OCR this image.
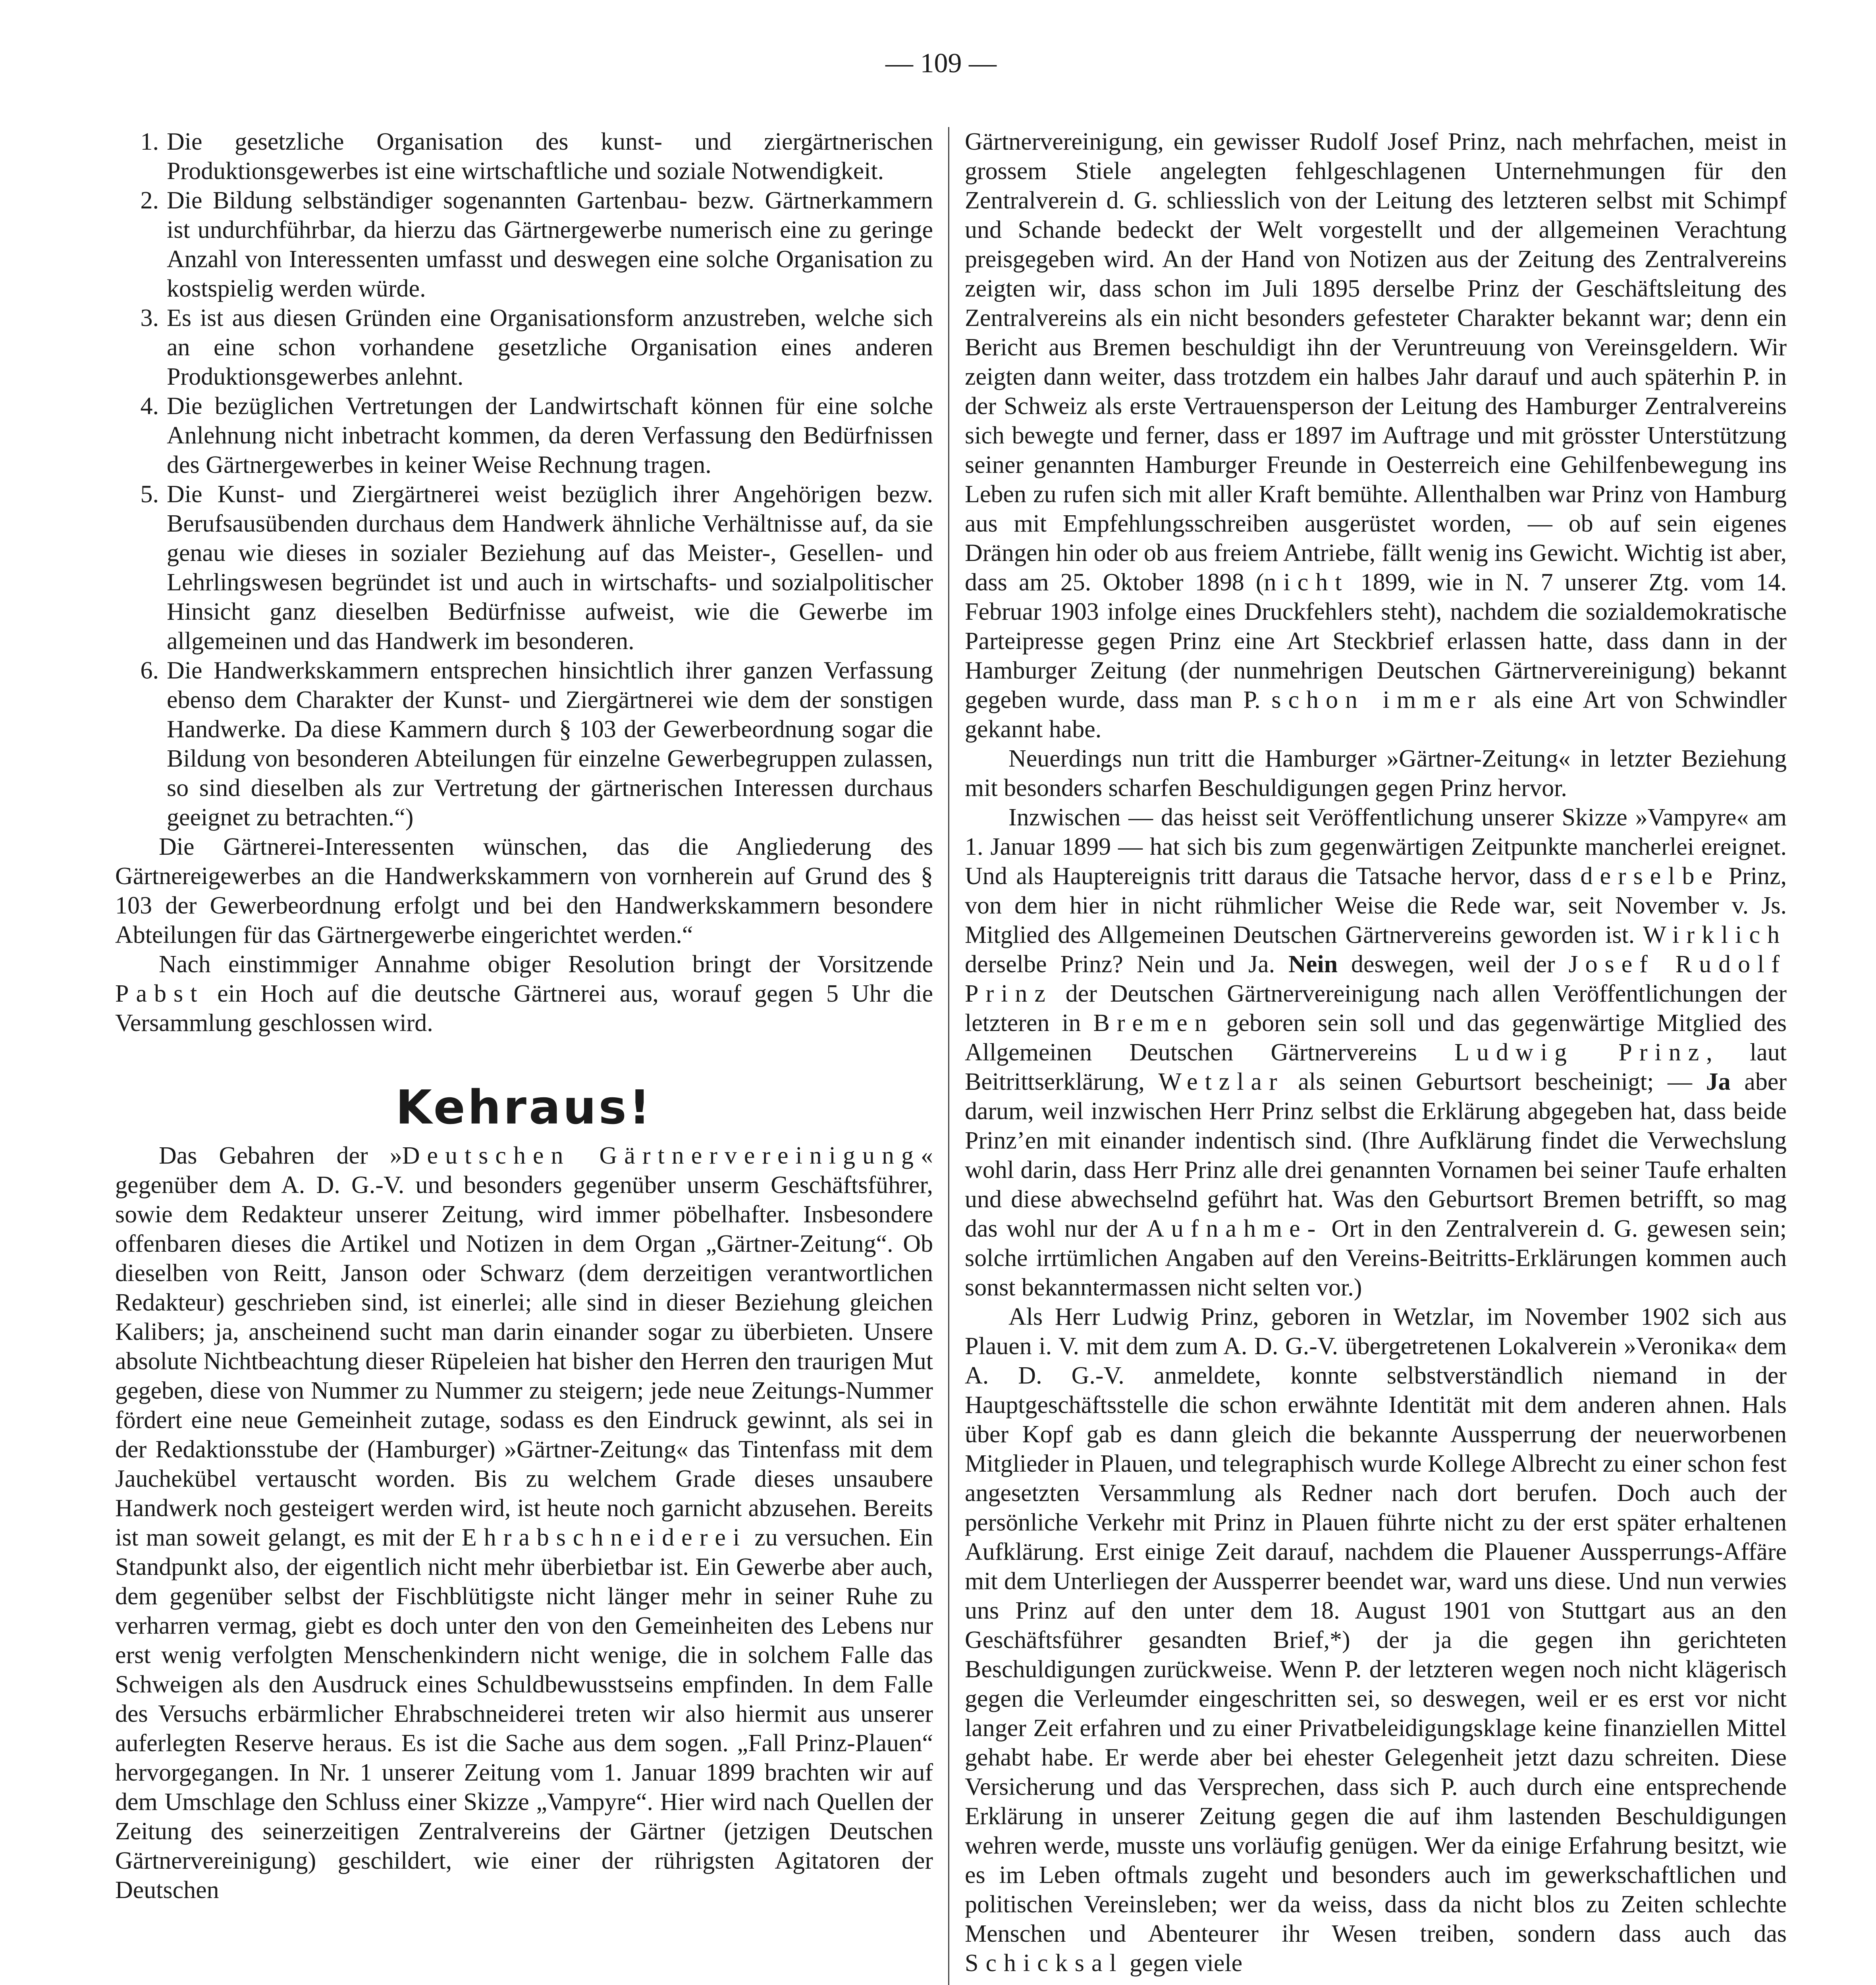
— 109 —
1. Die gesetzliche Organisation des kunst- und ziergärtnerischen Produktionsgewerbes ist eine wirtschaftliche und soziale Notwendigkeit.
2. Die Bildung selbständiger sogenannten Gartenbau- bezw. Gärtnerkammern ist undurchführbar, da hierzu das Gärtnergewerbe numerisch eine zu geringe Anzahl von Interessenten umfasst und deswegen eine solche Organisation zu kostspielig werden würde.
3. Es ist aus diesen Gründen eine Organisationsform anzustreben, welche sich an eine schon vorhandene gesetzliche Organisation eines anderen Produktionsgewerbes anlehnt.
4. Die bezüglichen Vertretungen der Landwirtschaft können für eine solche Anlehnung nicht inbetracht kommen, da deren Verfassung den Bedürfnissen des Gärtnergewerbes in keiner Weise Rechnung tragen.
5. Die Kunst- und Ziergärtnerei weist bezüglich ihrer Angehörigen bezw. Berufsausübenden durchaus dem Handwerk ähnliche Verhältnisse auf, da sie genau wie dieses in sozialer Beziehung auf das Meister-, Gesellen- und Lehrlingswesen begründet ist und auch in wirtschafts- und sozialpolitischer Hinsicht ganz dieselben Bedürfnisse aufweist, wie die Gewerbe im allgemeinen und das Handwerk im besonderen.
6. Die Handwerkskammern entsprechen hinsichtlich ihrer ganzen Verfassung ebenso dem Charakter der Kunst- und Ziergärtnerei wie dem der sonstigen Handwerke. Da diese Kammern durch § 103 der Gewerbeordnung sogar die Bildung von besonderen Abteilungen für einzelne Gewerbegruppen zulassen, so sind dieselben als zur Vertretung der gärtnerischen Interessen durchaus geeignet zu betrachten.“)

Die Gärtnerei-Interessenten wünschen, das die Angliederung des Gärtnereigewerbes an die Handwerkskammern von vornherein auf Grund des § 103 der Gewerbeordnung erfolgt und bei den Handwerkskammern besondere Abteilungen für das Gärtnergewerbe eingerichtet werden.“

Nach einstimmiger Annahme obiger Resolution bringt der Vorsitzende Pabst ein Hoch auf die deutsche Gärtnerei aus, worauf gegen 5 Uhr die Versammlung geschlossen wird.

Kehraus!

Das Gebahren der »Deutschen Gärtnervereinigung« gegenüber dem A. D. G.-V. und besonders gegenüber unserm Geschäftsführer, sowie dem Redakteur unserer Zeitung, wird immer pöbelhafter. Insbesondere offenbaren dieses die Artikel und Notizen in dem Organ „Gärtner-Zeitung“. Ob dieselben von Reitt, Janson oder Schwarz (dem derzeitigen verantwortlichen Redakteur) geschrieben sind, ist einerlei; alle sind in dieser Beziehung gleichen Kalibers; ja, anscheinend sucht man darin einander sogar zu überbieten. Unsere absolute Nichtbeachtung dieser Rüpeleien hat bisher den Herren den traurigen Mut gegeben, diese von Nummer zu Nummer zu steigern; jede neue Zeitungs-Nummer fördert eine neue Gemeinheit zutage, sodass es den Eindruck gewinnt, als sei in der Redaktionsstube der (Hamburger) »Gärtner-Zeitung« das Tintenfass mit dem Jauchekübel vertauscht worden. Bis zu welchem Grade dieses unsaubere Handwerk noch gesteigert werden wird, ist heute noch garnicht abzusehen. Bereits ist man soweit gelangt, es mit der Ehrabschneiderei zu versuchen. Ein Standpunkt also, der eigentlich nicht mehr überbietbar ist. Ein Gewerbe aber auch, dem gegenüber selbst der Fischblütigste nicht länger mehr in seiner Ruhe zu verharren vermag, giebt es doch unter den von den Gemeinheiten des Lebens nur erst wenig verfolgten Menschenkindern nicht wenige, die in solchem Falle das Schweigen als den Ausdruck eines Schuldbewusstseins empfinden. In dem Falle des Versuchs erbärmlicher Ehrabschneiderei treten wir also hiermit aus unserer auferlegten Reserve heraus. Es ist die Sache aus dem sogen. „Fall Prinz-Plauen“ hervorgegangen. In Nr. 1 unserer Zeitung vom 1. Januar 1899 brachten wir auf dem Umschlage den Schluss einer Skizze „Vampyre“. Hier wird nach Quellen der Zeitung des seinerzeitigen Zentralvereins der Gärtner (jetzigen Deutschen Gärtnervereinigung) geschildert, wie einer der rührigsten Agitatoren der Deutschen

Gärtnervereinigung, ein gewisser Rudolf Josef Prinz, nach mehrfachen, meist in grossem Stiele angelegten fehlgeschlagenen Unternehmungen für den Zentralverein d. G. schliesslich von der Leitung des letzteren selbst mit Schimpf und Schande bedeckt der Welt vorgestellt und der allgemeinen Verachtung preisgegeben wird. An der Hand von Notizen aus der Zeitung des Zentralvereins zeigten wir, dass schon im Juli 1895 derselbe Prinz der Geschäftsleitung des Zentralvereins als ein nicht besonders gefesteter Charakter bekannt war; denn ein Bericht aus Bremen beschuldigt ihn der Veruntreuung von Vereinsgeldern. Wir zeigten dann weiter, dass trotzdem ein halbes Jahr darauf und auch späterhin P. in der Schweiz als erste Vertrauensperson der Leitung des Hamburger Zentralvereins sich bewegte und ferner, dass er 1897 im Auftrage und mit grösster Unterstützung seiner genannten Hamburger Freunde in Oesterreich eine Gehilfenbewegung ins Leben zu rufen sich mit aller Kraft bemühte. Allenthalben war Prinz von Hamburg aus mit Empfehlungsschreiben ausgerüstet worden, — ob auf sein eigenes Drängen hin oder ob aus freiem Antriebe, fällt wenig ins Gewicht. Wichtig ist aber, dass am 25. Oktober 1898 (nicht 1899, wie in N. 7 unserer Ztg. vom 14. Februar 1903 infolge eines Druckfehlers steht), nachdem die sozialdemokratische Parteipresse gegen Prinz eine Art Steckbrief erlassen hatte, dass dann in der Hamburger Zeitung (der nunmehrigen Deutschen Gärtnervereinigung) bekannt gegeben wurde, dass man P. schon immer als eine Art von Schwindler gekannt habe.

Neuerdings nun tritt die Hamburger »Gärtner-Zeitung« in letzter Beziehung mit besonders scharfen Beschuldigungen gegen Prinz hervor.

Inzwischen — das heisst seit Veröffentlichung unserer Skizze »Vampyre« am 1. Januar 1899 — hat sich bis zum gegenwärtigen Zeitpunkte mancherlei ereignet. Und als Hauptereignis tritt daraus die Tatsache hervor, dass derselbe Prinz, von dem hier in nicht rühmlicher Weise die Rede war, seit November v. Js. Mitglied des Allgemeinen Deutschen Gärtnervereins geworden ist. Wirklich derselbe Prinz? Nein und Ja. Nein deswegen, weil der Josef Rudolf Prinz der Deutschen Gärtnervereinigung nach allen Veröffentlichungen der letzteren in Bremen geboren sein soll und das gegenwärtige Mitglied des Allgemeinen Deutschen Gärtnervereins Ludwig Prinz, laut Beitrittserklärung, Wetzlar als seinen Geburtsort bescheinigt; — Ja aber darum, weil inzwischen Herr Prinz selbst die Erklärung abgegeben hat, dass beide Prinz’en mit einander indentisch sind. (Ihre Aufklärung findet die Verwechslung wohl darin, dass Herr Prinz alle drei genannten Vornamen bei seiner Taufe erhalten und diese abwechselnd geführt hat. Was den Geburtsort Bremen betrifft, so mag das wohl nur der Aufnahme- Ort in den Zentralverein d. G. gewesen sein; solche irrtümlichen Angaben auf den Vereins-Beitritts-Erklärungen kommen auch sonst bekanntermassen nicht selten vor.)

Als Herr Ludwig Prinz, geboren in Wetzlar, im November 1902 sich aus Plauen i. V. mit dem zum A. D. G.-V. übergetretenen Lokalverein »Veronika« dem A. D. G.-V. anmeldete, konnte selbstverständlich niemand in der Hauptgeschäftsstelle die schon erwähnte Identität mit dem anderen ahnen. Hals über Kopf gab es dann gleich die bekannte Aussperrung der neuerworbenen Mitglieder in Plauen, und telegraphisch wurde Kollege Albrecht zu einer schon fest angesetzten Versammlung als Redner nach dort berufen. Doch auch der persönliche Verkehr mit Prinz in Plauen führte nicht zu der erst später erhaltenen Aufklärung. Erst einige Zeit darauf, nachdem die Plauener Aussperrungs-Affäre mit dem Unterliegen der Aussperrer beendet war, ward uns diese. Und nun verwies uns Prinz auf den unter dem 18. August 1901 von Stuttgart aus an den Geschäftsführer gesandten Brief,*) der ja die gegen ihn gerichteten Beschuldigungen zurückweise. Wenn P. der letzteren wegen noch nicht klägerisch gegen die Verleumder eingeschritten sei, so deswegen, weil er es erst vor nicht langer Zeit erfahren und zu einer Privatbeleidigungsklage keine finanziellen Mittel gehabt habe. Er werde aber bei ehester Gelegenheit jetzt dazu schreiten. Diese Versicherung und das Versprechen, dass sich P. auch durch eine entsprechende Erklärung in unserer Zeitung gegen die auf ihm lastenden Beschuldigungen wehren werde, musste uns vorläufig genügen. Wer da einige Erfahrung besitzt, wie es im Leben oftmals zugeht und besonders auch im gewerkschaftlichen und politischen Vereinsleben; wer da weiss, dass da nicht blos zu Zeiten schlechte Menschen und Abenteurer ihr Wesen treiben, sondern dass auch das Schicksal gegen viele
